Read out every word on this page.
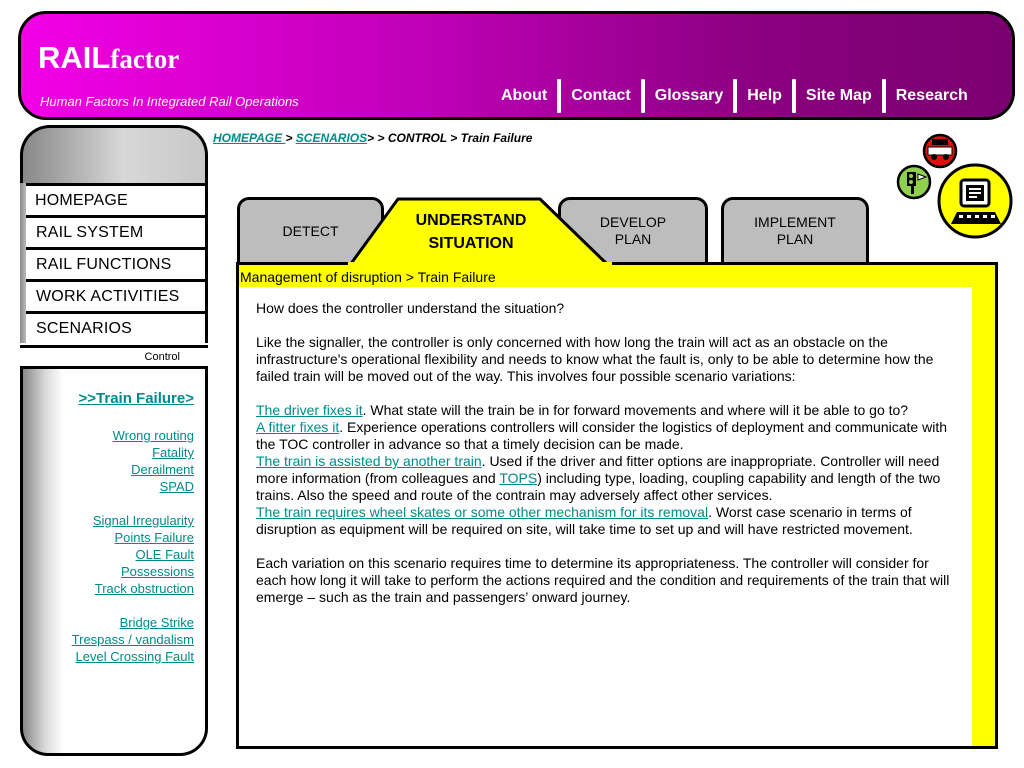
RAILfactor
Human Factors In Integrated Rail Operations	About	Contact	Glossary	Help	Site Map	Research
HOMEPAGE > SCENARIOS> > CONTROL > Train Failure
HOMEPAGE
RAIL SYSTEM
RAIL FUNCTIONS
WORK ACTIVITIES
SCENARIOS
Control
>>Train Failure>
Wrong routing
Fatality
Derailment
SPAD
Signal Irregularity
Points Failure
OLE Fault
Possessions
Track obstruction
Bridge Strike
Trespass / vandalism
Level Crossing Fault
DETECT
DEVELOP
PLAN
IMPLEMENT
PLAN
UNDERSTAND
SITUATION
Management of disruption > Train Failure

How does the controller understand the situation?

Like the signaller, the controller is only concerned with how long the train will act as an obstacle on the infrastructure's operational flexibility and needs to know what the fault is, only to be able to determine how the failed train will be moved out of the way. This involves four possible scenario variations:

The driver fixes it. What state will the train be in for forward movements and where will it be able to go to?
A fitter fixes it. Experience operations controllers will consider the logistics of deployment and communicate with the TOC controller in advance so that a timely decision can be made.
The train is assisted by another train. Used if the driver and fitter options are inappropriate. Controller will need more information (from colleagues and TOPS) including type, loading, coupling capability and length of the two trains. Also the speed and route of the contrain may adversely affect other services.
The train requires wheel skates or some other mechanism for its removal. Worst case scenario in terms of disruption as equipment will be required on site, will take time to set up and will have restricted movement.

Each variation on this scenario requires time to determine its appropriateness. The controller will consider for each how long it will take to perform the actions required and the condition and requirements of the train that will emerge – such as the train and passengers’ onward journey.
